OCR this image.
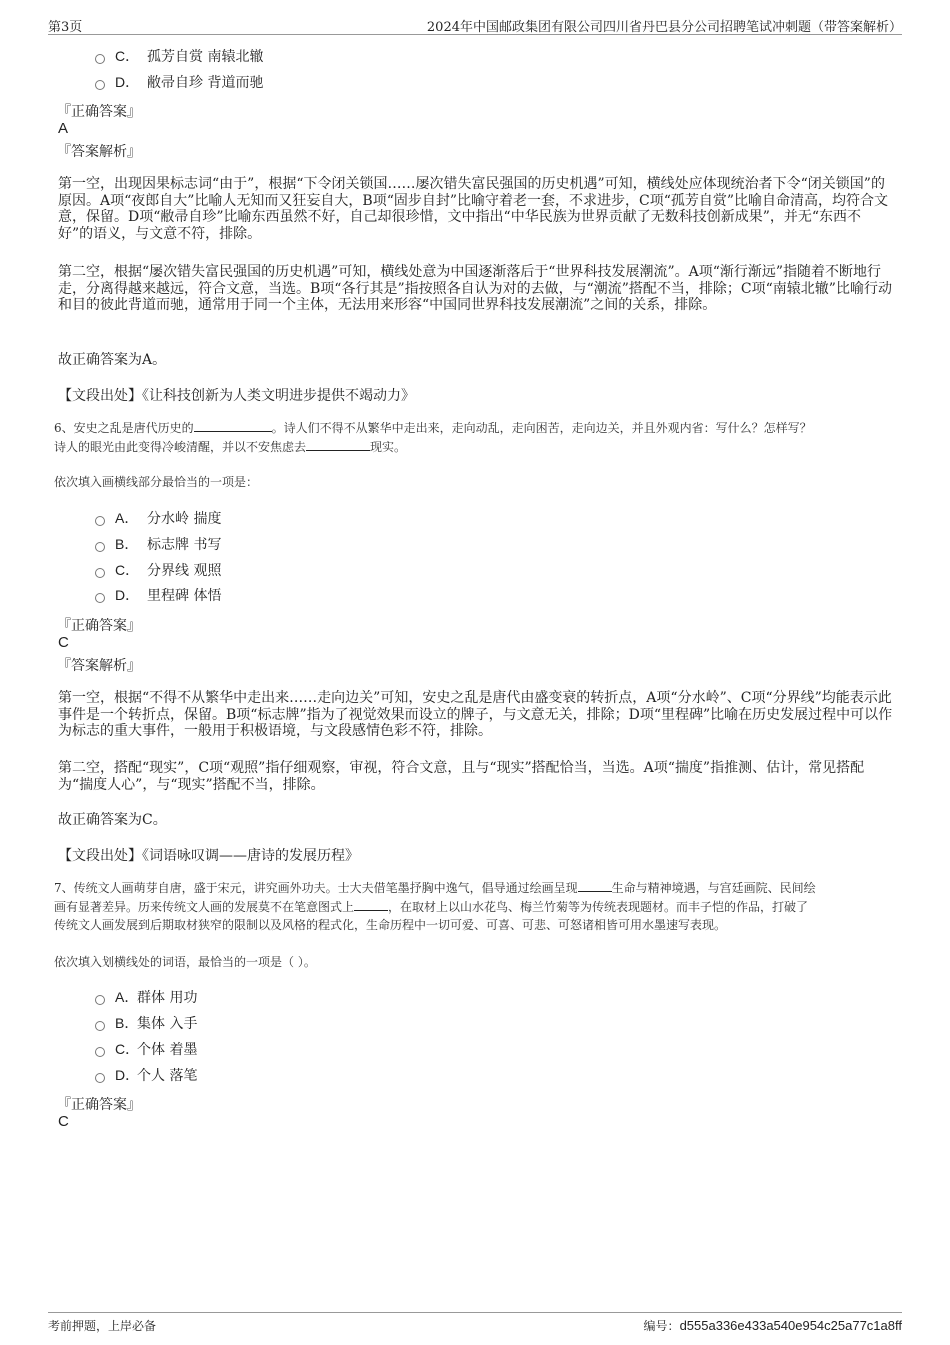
第3页	2024年中国邮政集团有限公司四川省丹巴县分公司招聘笔试冲刺题（带答案解析）
C． 孤芳自赏 南辕北辙
D． 敝帚自珍 背道而驰
『正确答案』
A
『答案解析』
第一空，出现因果标志词“由于”，根据“下令闭关锁国……屡次错失富民强国的历史机遇”可知，横线处应体现统治者下令“闭关锁国”的原因。A项“夜郎自大”比喻人无知而又狂妄自大，B项“固步自封”比喻守着老一套，不求进步，C项“孤芳自赏”比喻自命清高，均符合文意，保留。D项“敝帚自珍”比喻东西虽然不好，自己却很珍惜，文中指出“中华民族为世界贡献了无数科技创新成果”，并无“东西不好”的语义，与文意不符，排除。
第二空，根据“屡次错失富民强国的历史机遇”可知，横线处意为中国逐渐落后于“世界科技发展潮流”。A项“渐行渐远”指随着不断地行走，分离得越来越远，符合文意，当选。B项“各行其是”指按照各自认为对的去做，与“潮流”搭配不当，排除；C项“南辕北辙”比喻行动和目的彼此背道而驰，通常用于同一个主体，无法用来形容“中国同世界科技发展潮流”之间的关系，排除。
故正确答案为A。
【文段出处】《让科技创新为人类文明进步提供不竭动力》
6、安史之乱是唐代历史的	。诗人们不得不从繁华中走出来，走向动乱，走向困苦，走向边关，并且外观内省：写什么？怎样写？
诗人的眼光由此变得冷峻清醒，并以不安焦虑去	现实。
依次填入画横线部分最恰当的一项是：
A． 分水岭 揣度
B． 标志牌 书写
C． 分界线 观照
D． 里程碑 体悟
『正确答案』
C
『答案解析』
第一空，根据“不得不从繁华中走出来……走向边关”可知，安史之乱是唐代由盛变衰的转折点，A项“分水岭”、C项“分界线”均能表示此事件是一个转折点，保留。B项“标志牌”指为了视觉效果而设立的牌子，与文意无关，排除；D项“里程碑”比喻在历史发展过程中可以作为标志的重大事件，一般用于积极语境，与文段感情色彩不符，排除。
第二空，搭配“现实”，C项“观照”指仔细观察，审视，符合文意，且与“现实”搭配恰当，当选。A项“揣度”指推测、估计，常见搭配为“揣度人心”，与“现实”搭配不当，排除。
故正确答案为C。
【文段出处】《词语咏叹调——唐诗的发展历程》
7、传统文人画萌芽自唐，盛于宋元，讲究画外功夫。士大夫借笔墨抒胸中逸气，倡导通过绘画呈现	生命与精神境遇，与宫廷画院、民间绘
画有显著差异。历来传统文人画的发展莫不在笔意图式上	，在取材上以山水花鸟、梅兰竹菊等为传统表现题材。而丰子恺的作品，打破了
传统文人画发展到后期取材狭窄的限制以及风格的程式化，生命历程中一切可爱、可喜、可悲、可怒诸相皆可用水墨速写表现。
依次填入划横线处的词语，最恰当的一项是（ ）。
A．群体 用功
B．集体 入手
C．个体 着墨
D．个人 落笔
『正确答案』
C
考前押题，上岸必备	编号：d555a336e433a540e954c25a77c1a8ff
